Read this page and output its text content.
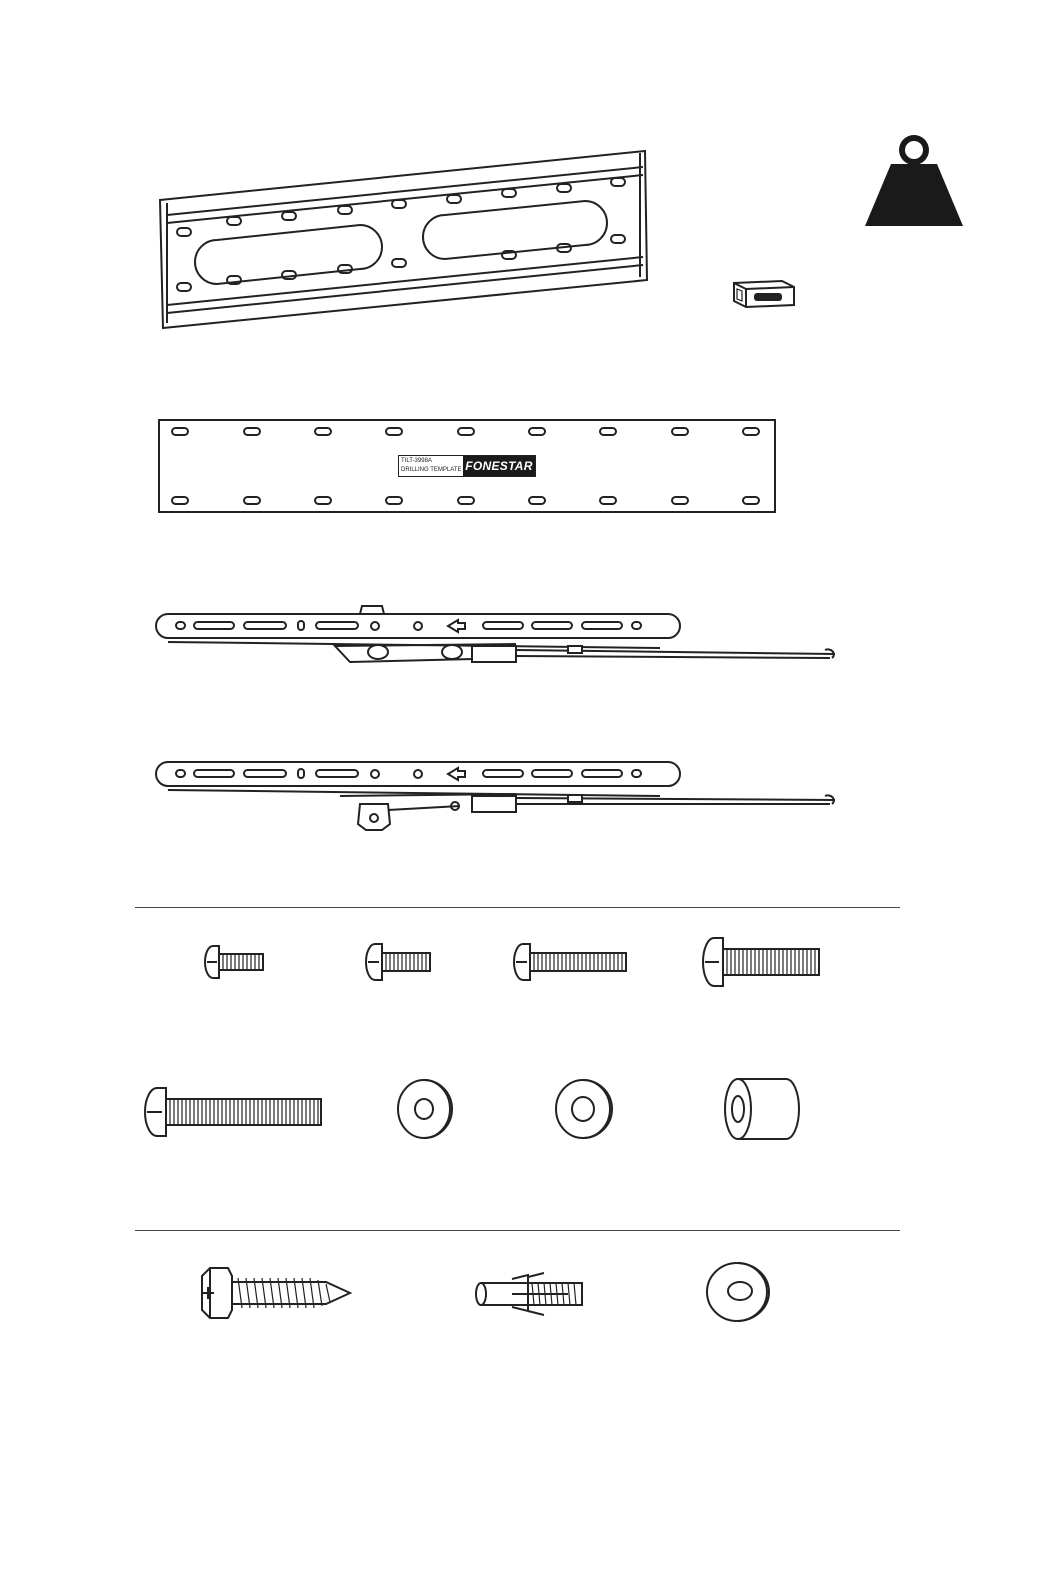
TILT-3998A
DRILLING TEMPLATE FONESTAR
